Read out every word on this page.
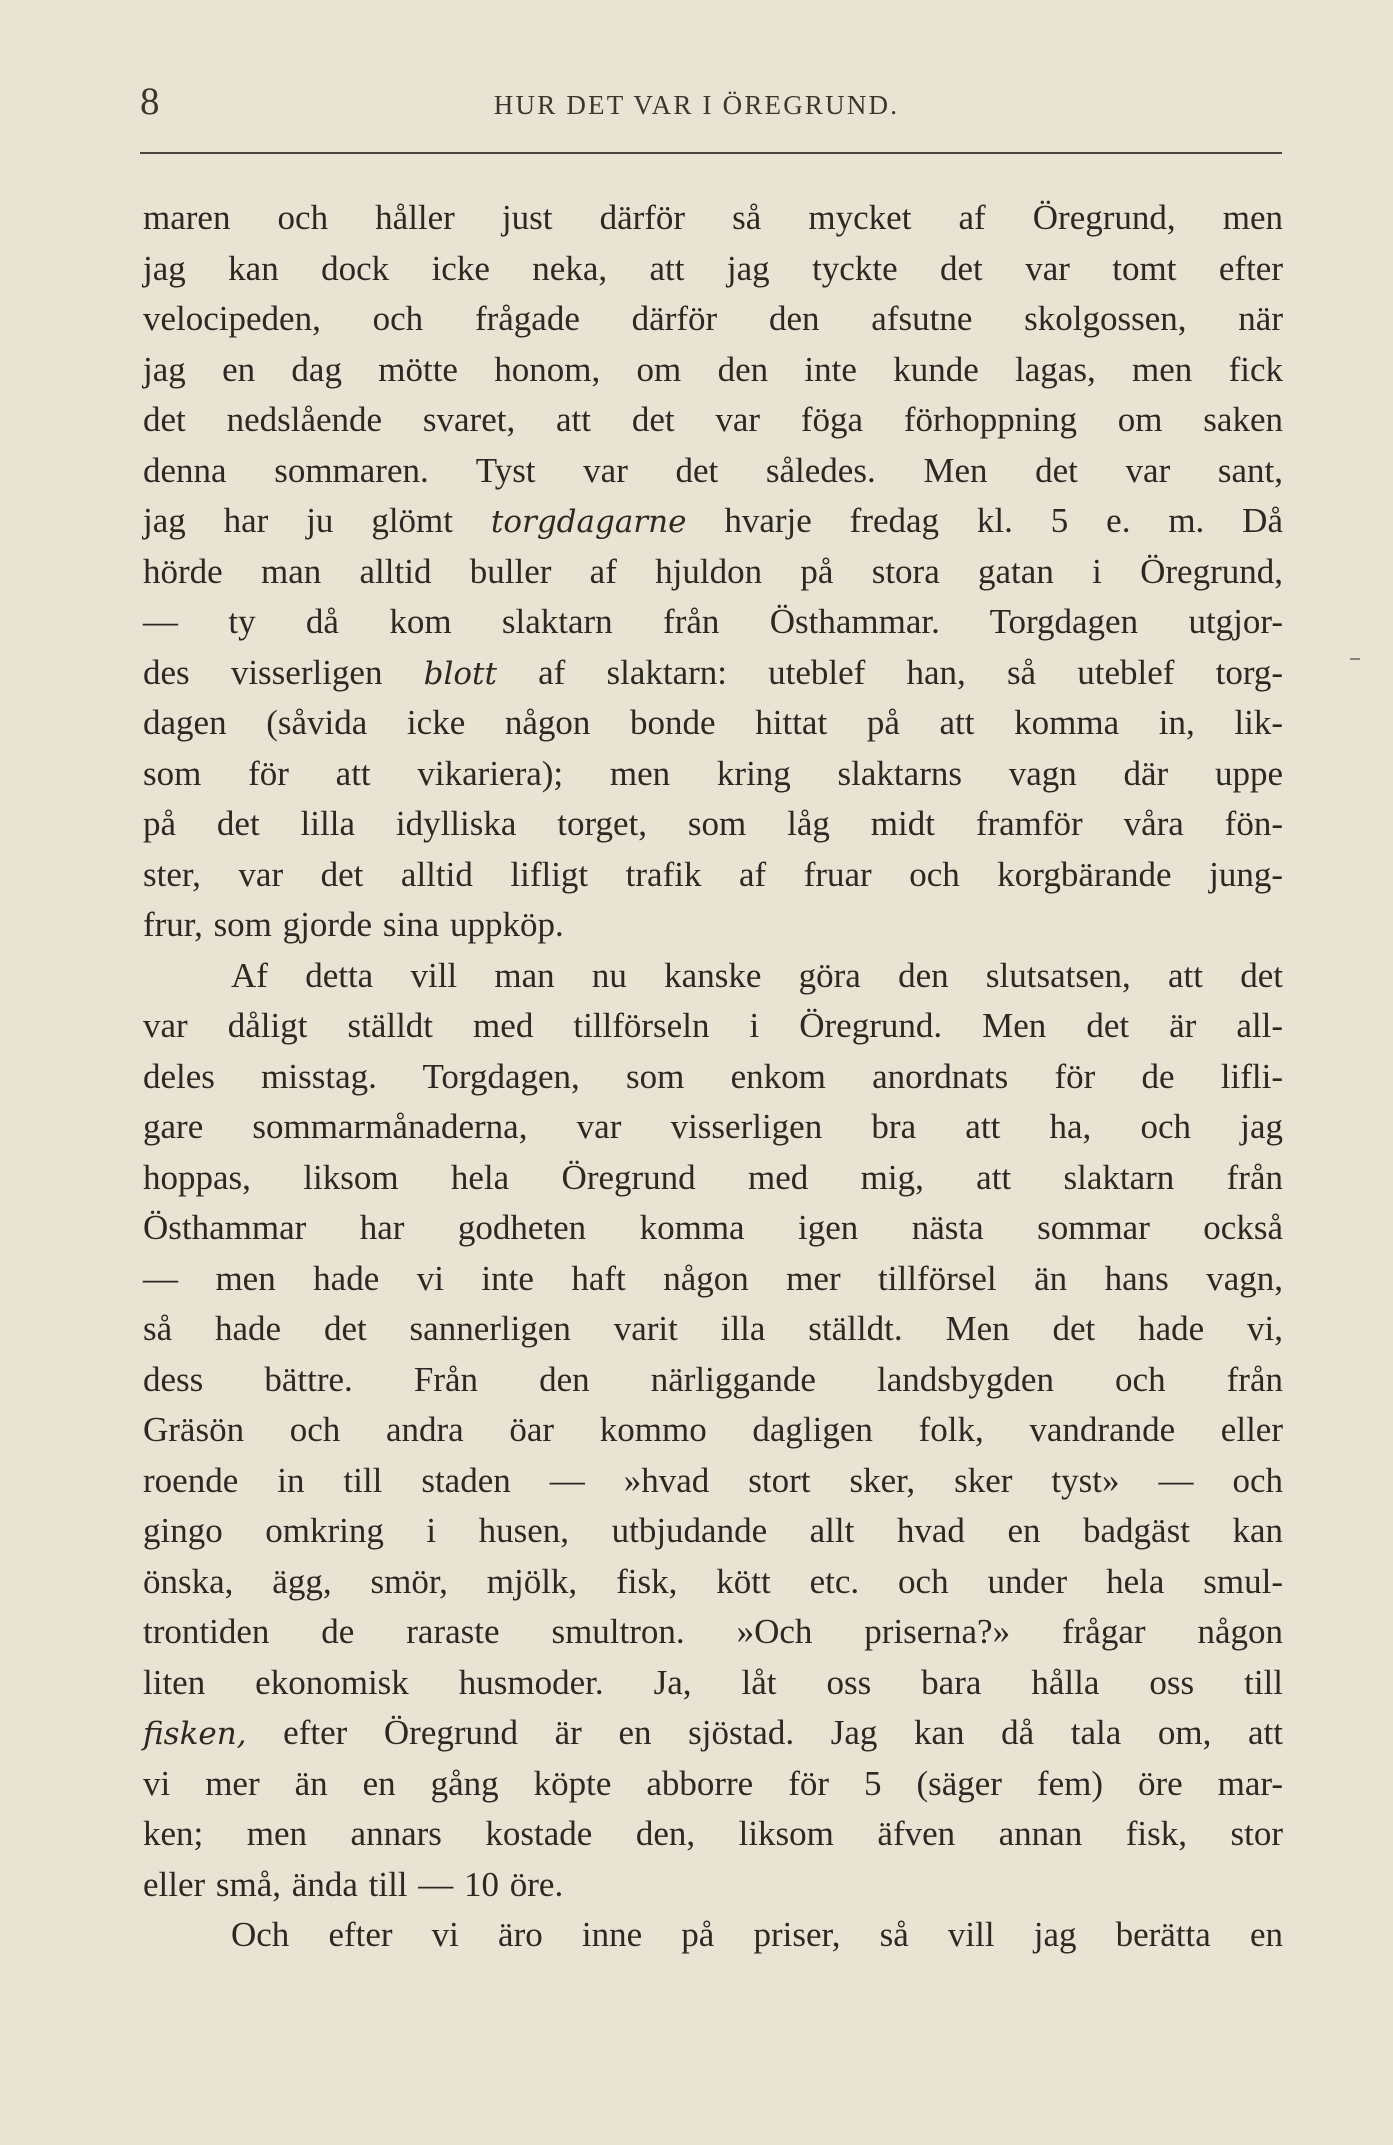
8	HUR DET VAR I ÖREGRUND.
maren och håller just därför så mycket af Öregrund, men
jag kan dock icke neka, att jag tyckte det var tomt efter
velocipeden, och frågade därför den afsutne skolgossen, när
jag en dag mötte honom, om den inte kunde lagas, men fick
det nedslående svaret, att det var föga förhoppning om saken
denna sommaren. Tyst var det således. Men det var sant,
jag har ju glömt torgdagarne hvarje fredag kl. 5 e. m. Då
hörde man alltid buller af hjuldon på stora gatan i Öregrund,
— ty då kom slaktarn från Östhammar. Torgdagen utgjor-
des visserligen blott af slaktarn: uteblef han, så uteblef torg-
dagen (såvida icke någon bonde hittat på att komma in, lik-
som för att vikariera); men kring slaktarns vagn där uppe
på det lilla idylliska torget, som låg midt framför våra fön-
ster, var det alltid lifligt trafik af fruar och korgbärande jung-
frur, som gjorde sina uppköp.
Af detta vill man nu kanske göra den slutsatsen, att det
var dåligt ställdt med tillförseln i Öregrund. Men det är all-
deles misstag. Torgdagen, som enkom anordnats för de lifli-
gare sommarmånaderna, var visserligen bra att ha, och jag
hoppas, liksom hela Öregrund med mig, att slaktarn från
Östhammar har godheten komma igen nästa sommar också
— men hade vi inte haft någon mer tillförsel än hans vagn,
så hade det sannerligen varit illa ställdt. Men det hade vi,
dess bättre. Från den närliggande landsbygden och från
Gräsön och andra öar kommo dagligen folk, vandrande eller
roende in till staden — »hvad stort sker, sker tyst» — och
gingo omkring i husen, utbjudande allt hvad en badgäst kan
önska, ägg, smör, mjölk, fisk, kött etc. och under hela smul-
trontiden de raraste smultron. »Och priserna?» frågar någon
liten ekonomisk husmoder. Ja, låt oss bara hålla oss till
fisken, efter Öregrund är en sjöstad. Jag kan då tala om, att
vi mer än en gång köpte abborre för 5 (säger fem) öre mar-
ken; men annars kostade den, liksom äfven annan fisk, stor
eller små, ända till — 10 öre.
Och efter vi äro inne på priser, så vill jag berätta en
